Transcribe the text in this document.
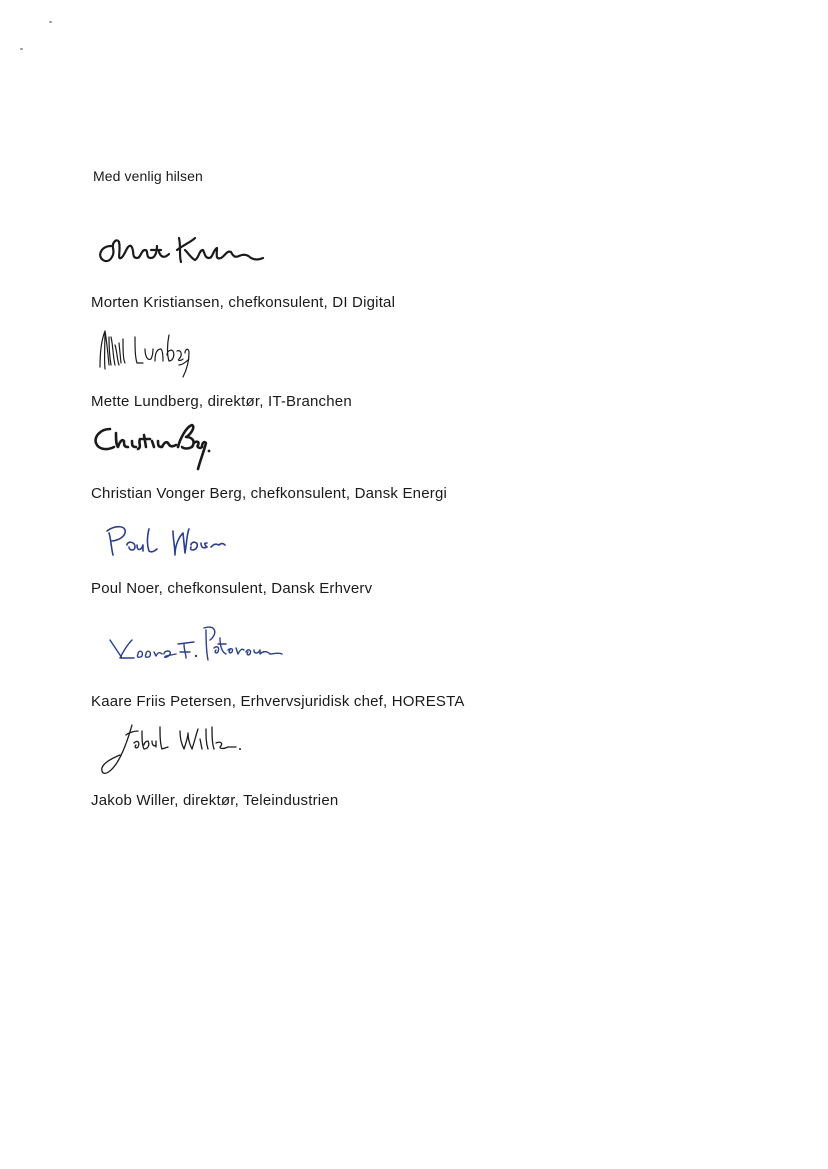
Med venlig hilsen
Morten Kristiansen, chefkonsulent, DI Digital
Mette Lundberg, direktør, IT-Branchen
Christian Vonger Berg, chefkonsulent, Dansk Energi
Poul Noer, chefkonsulent, Dansk Erhverv
Kaare Friis Petersen, Erhvervsjuridisk chef, HORESTA
Jakob Willer, direktør, Teleindustrien
